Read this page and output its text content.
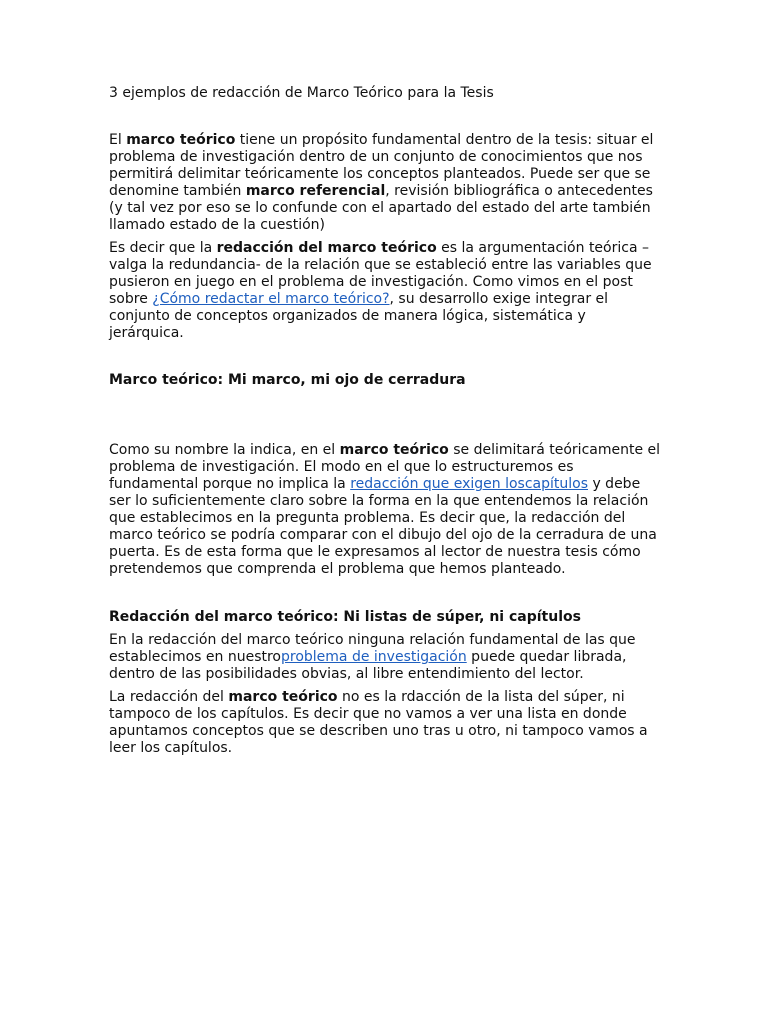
3 ejemplos de redacción de Marco Teórico para la Tesis

El marco teórico tiene un propósito fundamental dentro de la tesis: situar el problema de investigación dentro de un conjunto de conocimientos que nos permitirá delimitar teóricamente los conceptos planteados. Puede ser que se denomine también marco referencial, revisión bibliográfica o antecedentes (y tal vez por eso se lo confunde con el apartado del estado del arte también llamado estado de la cuestión)

Es decir que la redacción del marco teórico es la argumentación teórica – valga la redundancia- de la relación que se estableció entre las variables que pusieron en juego en el problema de investigación. Como vimos en el post sobre ¿Cómo redactar el marco teórico?, su desarrollo exige integrar el conjunto de conceptos organizados de manera lógica, sistemática y jerárquica.

Marco teórico: Mi marco, mi ojo de cerradura

Como su nombre la indica, en el marco teórico se delimitará teóricamente el problema de investigación. El modo en el que lo estructuremos es fundamental porque no implica la redacción que exigen loscapítulos y debe ser lo suficientemente claro sobre la forma en la que entendemos la relación que establecimos en la pregunta problema. Es decir que, la redacción del marco teórico se podría comparar con el dibujo del ojo de la cerradura de una puerta. Es de esta forma que le expresamos al lector de nuestra tesis cómo pretendemos que comprenda el problema que hemos planteado.

Redacción del marco teórico: Ni listas de súper, ni capítulos

En la redacción del marco teórico ninguna relación fundamental de las que establecimos en nuestroproblema de investigación puede quedar librada, dentro de las posibilidades obvias, al libre entendimiento del lector.

La redacción del marco teórico no es la rdacción de la lista del súper, ni tampoco de los capítulos. Es decir que no vamos a ver una lista en donde apuntamos conceptos que se describen uno tras u otro, ni tampoco vamos a leer los capítulos.
